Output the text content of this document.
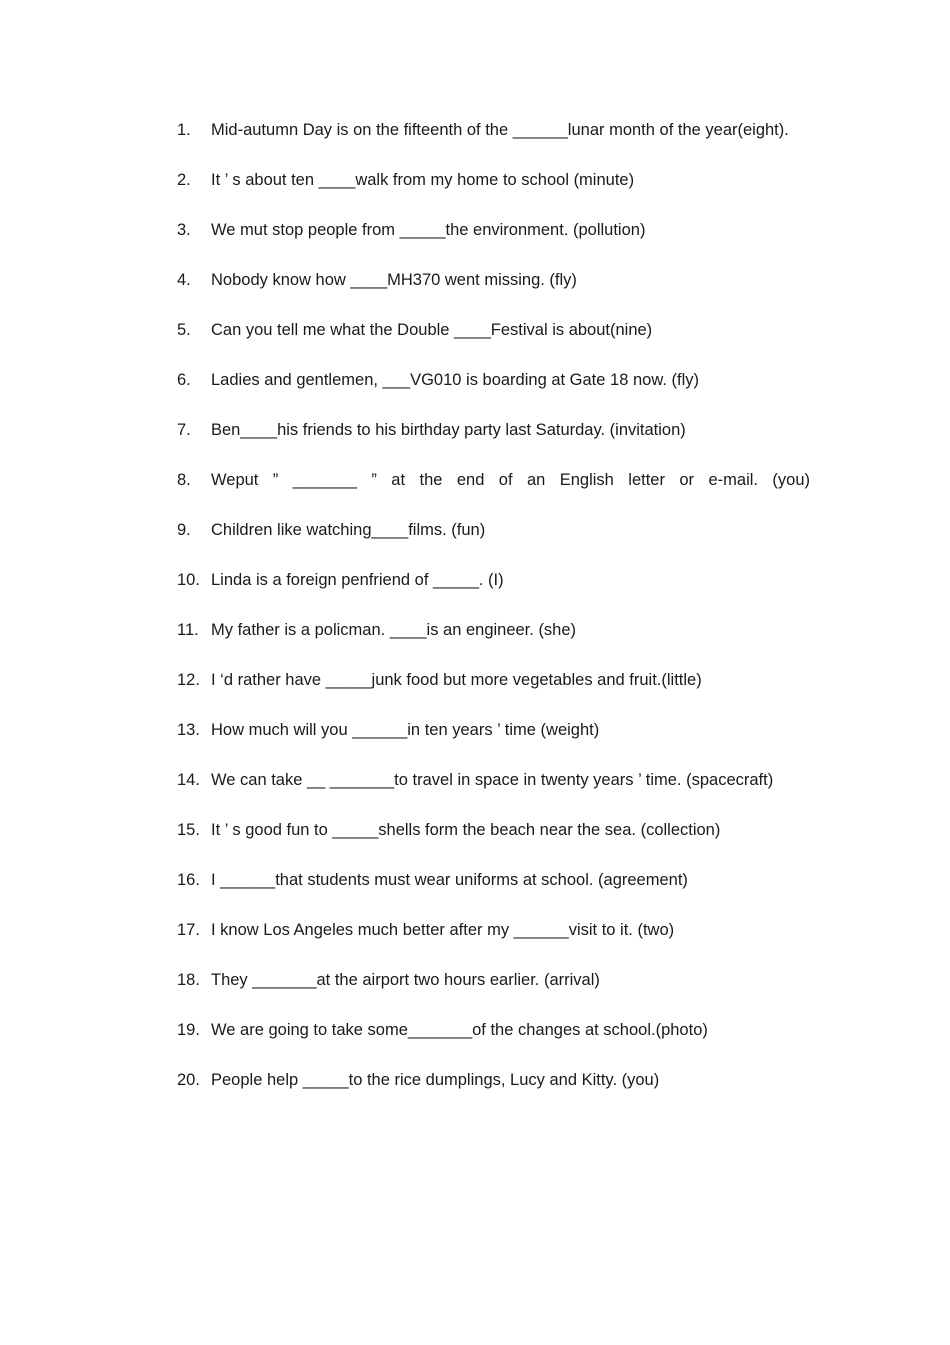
1.	Mid-autumn Day is on the fifteenth of the ______lunar month of the year(eight).
2.	It ’ s about ten ____walk from my home to school (minute)
3.	We mut stop people from _____the environment. (pollution)
4.	Nobody know how ____MH370 went missing. (fly)
5.	Can you tell me what the Double ____Festival is about(nine)
6.	Ladies and gentlemen, ___VG010 is boarding at Gate 18 now. (fly)
7.	Ben____his friends to his birthday party last Saturday. (invitation)
8.	Weput ” _______ ” at the end of an English letter or e-mail. (you)
9.	Children like watching____films. (fun)
10. Linda is a foreign penfriend of _____. (I)
11. My father is a policman. ____is an engineer. (she)
12. I ‘d rather have _____junk food but more vegetables and fruit.(little)
13. How much will you ______in ten years ’ time (weight)
14. We can take __ _______to travel in space in twenty years ’ time. (spacecraft)
15. It ’ s good fun to _____shells form the beach near the sea. (collection)
16. I ______that students must wear uniforms at school. (agreement)
17. I know Los Angeles much better after my ______visit to it. (two)
18. They _______at the airport two hours earlier. (arrival)
19. We are going to take some_______of the changes at school.(photo)
20. People help _____to the rice dumplings, Lucy and Kitty. (you)
